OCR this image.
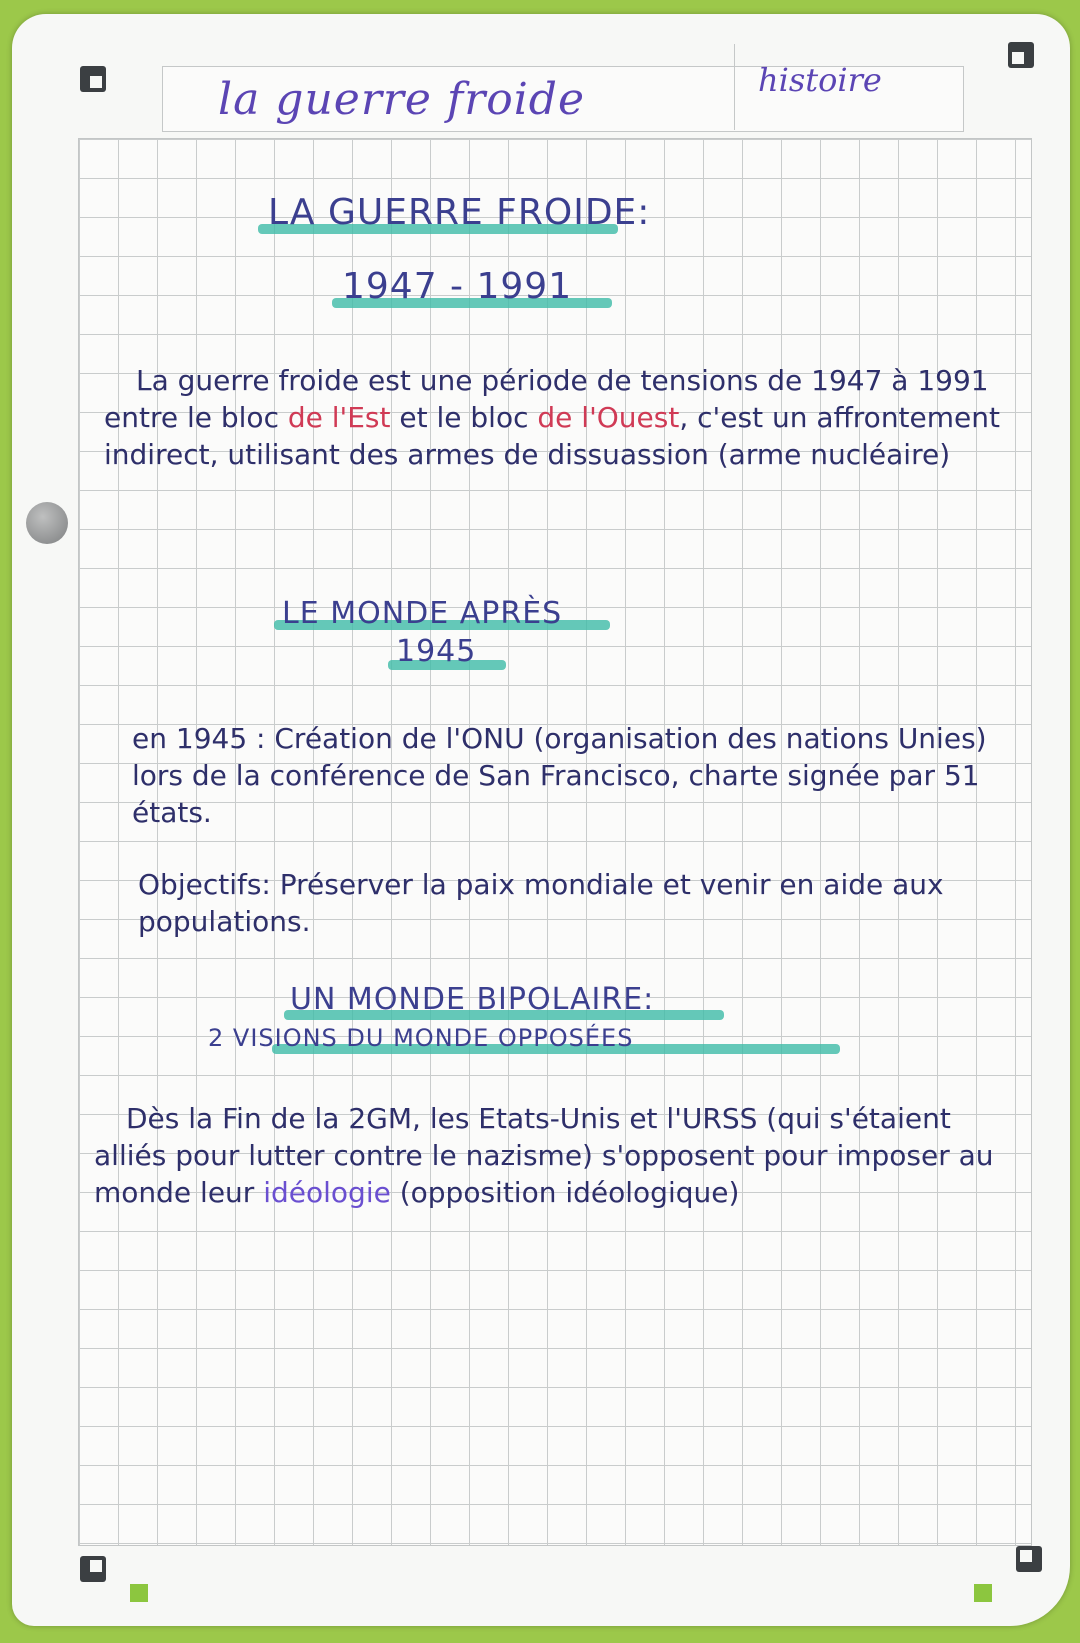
la guerre froide	histoire
LA GUERRE FROIDE:
1947 - 1991
La guerre froide est une période de tensions de 1947 à 1991 entre le bloc de l'Est et le bloc de l'Ouest, c'est un affrontement indirect, utilisant des armes de dissuassion (arme nucléaire)
LE MONDE APRÈS
1945
en 1945 : Création de l'ONU (organisation des nations Unies) lors de la conférence de San Francisco, charte signée par 51 états.
Objectifs: Préserver la paix mondiale et venir en aide aux populations.
UN MONDE BIPOLAIRE:
2 VISIONS DU MONDE OPPOSÉES
Dès la Fin de la 2GM, les Etats-Unis et l'URSS (qui s'étaient alliés pour lutter contre le nazisme) s'opposent pour imposer au monde leur idéologie (opposition idéologique)
